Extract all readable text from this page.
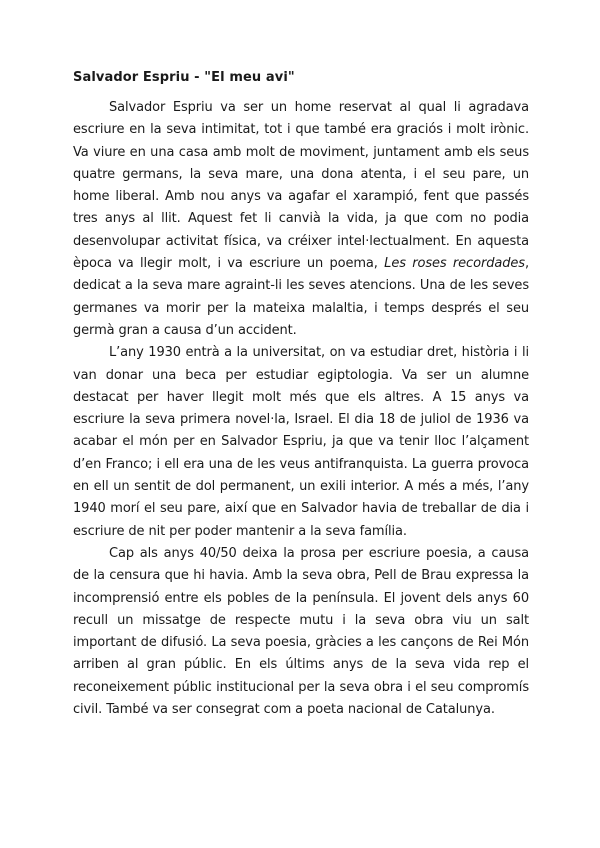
Salvador Espriu - "El meu avi"

Salvador Espriu va ser un home reservat al qual li agradava escriure en la seva intimitat, tot i que també era graciós i molt irònic. Va viure en una casa amb molt de moviment, juntament amb els seus quatre germans, la seva mare, una dona atenta, i el seu pare, un home liberal. Amb nou anys va agafar el xarampió, fent que passés tres anys al llit. Aquest fet li canvià la vida, ja que com no podia desenvolupar activitat física, va créixer intel·lectualment. En aquesta època va llegir molt, i va escriure un poema, Les roses recordades, dedicat a la seva mare agraint-li les seves atencions. Una de les seves germanes va morir per la mateixa malaltia, i temps després el seu germà gran a causa d’un accident.

L’any 1930 entrà a la universitat, on va estudiar dret, història i li van donar una beca per estudiar egiptologia. Va ser un alumne destacat per haver llegit molt més que els altres. A 15 anys va escriure la seva primera novel·la, Israel. El dia 18 de juliol de 1936 va acabar el món per en Salvador Espriu, ja que va tenir lloc l’alçament d’en Franco; i ell era una de les veus antifranquista. La guerra provoca en ell un sentit de dol permanent, un exili interior. A més a més, l’any 1940 morí el seu pare, així que en Salvador havia de treballar de dia i escriure de nit per poder mantenir a la seva família.

Cap als anys 40/50 deixa la prosa per escriure poesia, a causa de la censura que hi havia. Amb la seva obra, Pell de Brau expressa la incomprensió entre els pobles de la península. El jovent dels anys 60 recull un missatge de respecte mutu i la seva obra viu un salt important de difusió. La seva poesia, gràcies a les cançons de Rei Món arriben al gran públic. En els últims anys de la seva vida rep el reconeixement públic institucional per la seva obra i el seu compromís civil. També va ser consegrat com a poeta nacional de Catalunya.
